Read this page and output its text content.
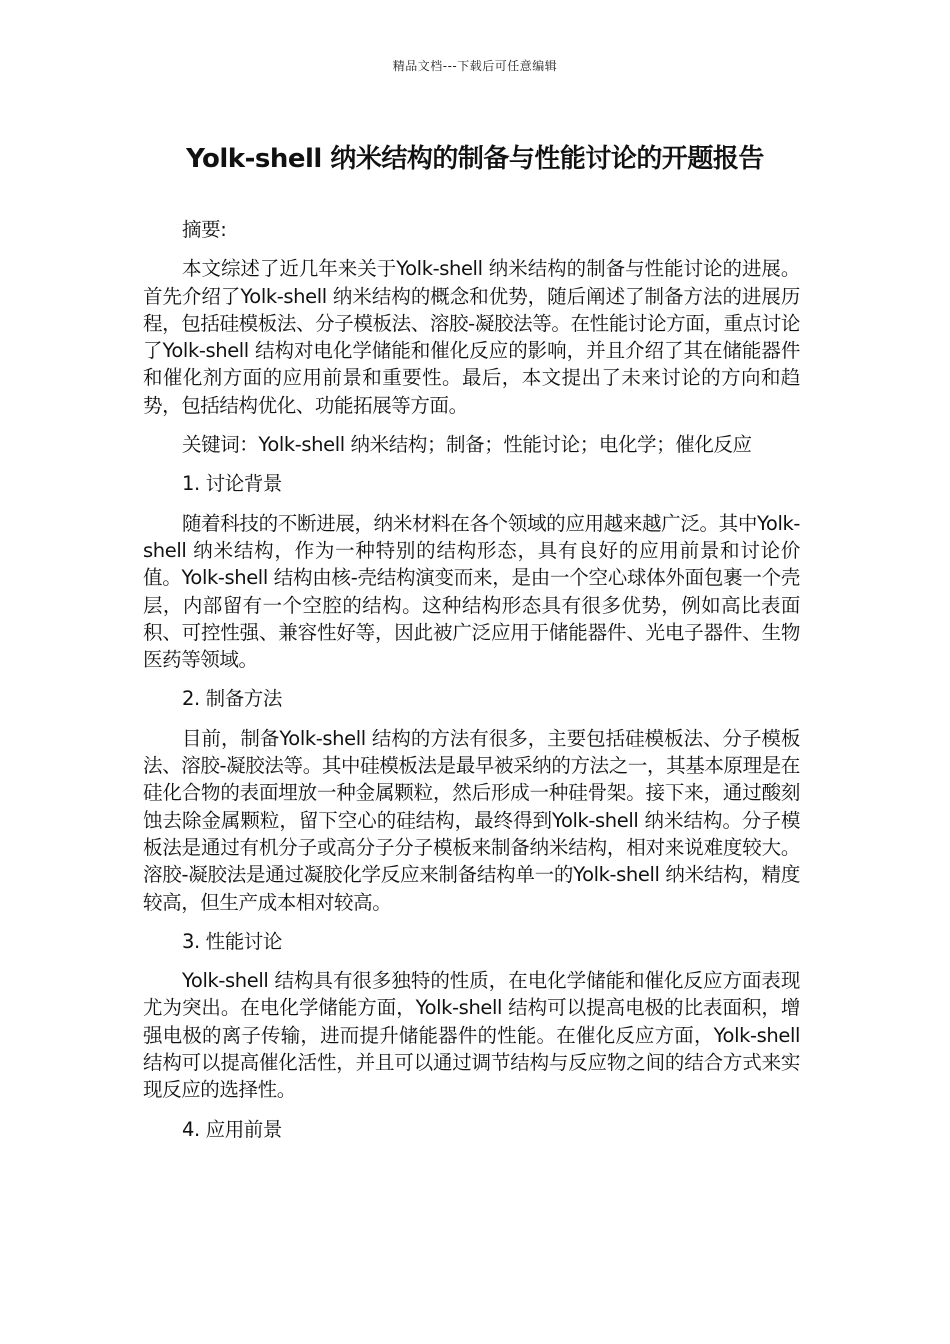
精品文档---下载后可任意编辑
Yolk-shell 纳米结构的制备与性能讨论的开题报告

摘要:

本文综述了近几年来关于Yolk-shell 纳米结构的制备与性能讨论的进展。首先介绍了Yolk-shell 纳米结构的概念和优势，随后阐述了制备方法的进展历程，包括硅模板法、分子模板法、溶胶-凝胶法等。在性能讨论方面，重点讨论了Yolk-shell 结构对电化学储能和催化反应的影响，并且介绍了其在储能器件和催化剂方面的应用前景和重要性。最后，本文提出了未来讨论的方向和趋势，包括结构优化、功能拓展等方面。

关键词：Yolk-shell 纳米结构；制备；性能讨论；电化学；催化反应

1. 讨论背景

随着科技的不断进展，纳米材料在各个领域的应用越来越广泛。其中Yolk-shell 纳米结构，作为一种特别的结构形态，具有良好的应用前景和讨论价值。Yolk-shell 结构由核-壳结构演变而来，是由一个空心球体外面包裹一个壳层，内部留有一个空腔的结构。这种结构形态具有很多优势，例如高比表面积、可控性强、兼容性好等，因此被广泛应用于储能器件、光电子器件、生物医药等领域。

2. 制备方法

目前，制备Yolk-shell 结构的方法有很多，主要包括硅模板法、分子模板法、溶胶-凝胶法等。其中硅模板法是最早被采纳的方法之一，其基本原理是在硅化合物的表面埋放一种金属颗粒，然后形成一种硅骨架。接下来，通过酸刻蚀去除金属颗粒，留下空心的硅结构，最终得到Yolk-shell 纳米结构。分子模板法是通过有机分子或高分子分子模板来制备纳米结构，相对来说难度较大。溶胶-凝胶法是通过凝胶化学反应来制备结构单一的Yolk-shell 纳米结构，精度较高，但生产成本相对较高。

3. 性能讨论

Yolk-shell 结构具有很多独特的性质，在电化学储能和催化反应方面表现尤为突出。在电化学储能方面，Yolk-shell 结构可以提高电极的比表面积，增强电极的离子传输，进而提升储能器件的性能。在催化反应方面，Yolk-shell 结构可以提高催化活性，并且可以通过调节结构与反应物之间的结合方式来实现反应的选择性。

4. 应用前景
